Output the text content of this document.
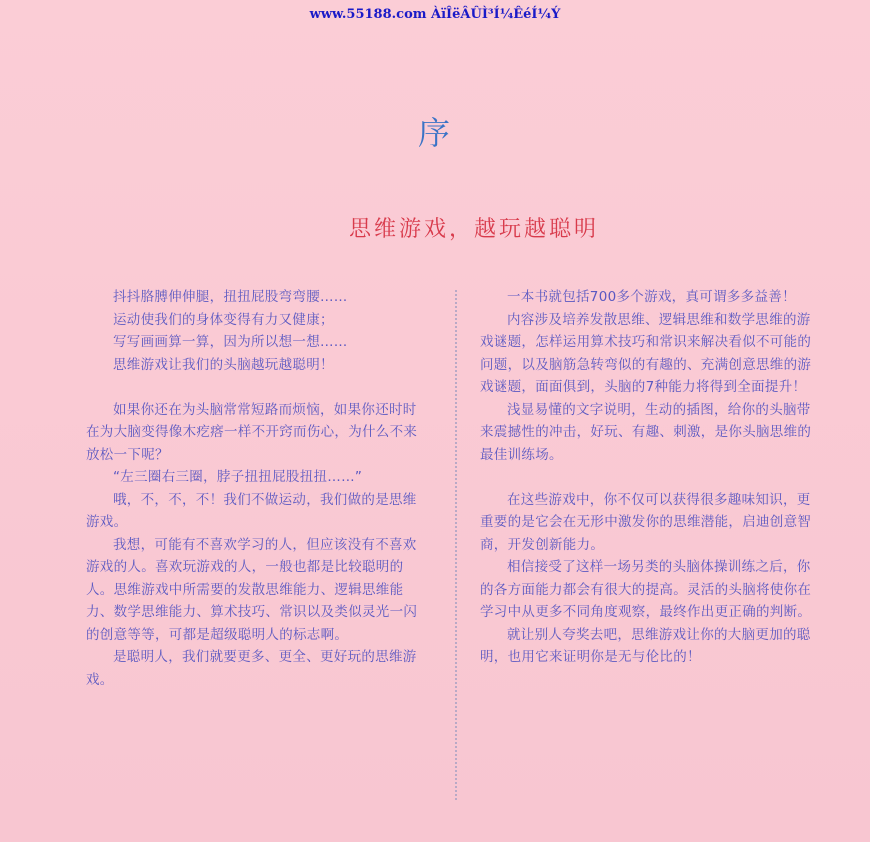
www.55188.com ÀïÎëÂÛÌ³Í¼ÊéÍ¼Ý
序
思维游戏，越玩越聪明

抖抖胳膊伸伸腿，扭扭屁股弯弯腰……

运动使我们的身体变得有力又健康；

写写画画算一算，因为所以想一想……

思维游戏让我们的头脑越玩越聪明！

如果你还在为头脑常常短路而烦恼，如果你还时时在为大脑变得像木疙瘩一样不开窍而伤心，为什么不来放松一下呢？

“左三圈右三圈，脖子扭扭屁股扭扭……”

哦，不，不，不！我们不做运动，我们做的是思维游戏。

我想，可能有不喜欢学习的人，但应该没有不喜欢游戏的人。喜欢玩游戏的人，一般也都是比较聪明的人。思维游戏中所需要的发散思维能力、逻辑思维能力、数学思维能力、算术技巧、常识以及类似灵光一闪的创意等等，可都是超级聪明人的标志啊。

是聪明人，我们就要更多、更全、更好玩的思维游戏。

一本书就包括700多个游戏，真可谓多多益善！

内容涉及培养发散思维、逻辑思维和数学思维的游戏谜题，怎样运用算术技巧和常识来解决看似不可能的问题，以及脑筋急转弯似的有趣的、充满创意思维的游戏谜题，面面俱到，头脑的7种能力将得到全面提升！

浅显易懂的文字说明，生动的插图，给你的头脑带来震撼性的冲击，好玩、有趣、刺激，是你头脑思维的最佳训练场。

在这些游戏中，你不仅可以获得很多趣味知识，更重要的是它会在无形中激发你的思维潜能，启迪创意智商，开发创新能力。

相信接受了这样一场另类的头脑体操训练之后，你的各方面能力都会有很大的提高。灵活的头脑将使你在学习中从更多不同角度观察，最终作出更正确的判断。

就让别人夸奖去吧，思维游戏让你的大脑更加的聪明，也用它来证明你是无与伦比的！
